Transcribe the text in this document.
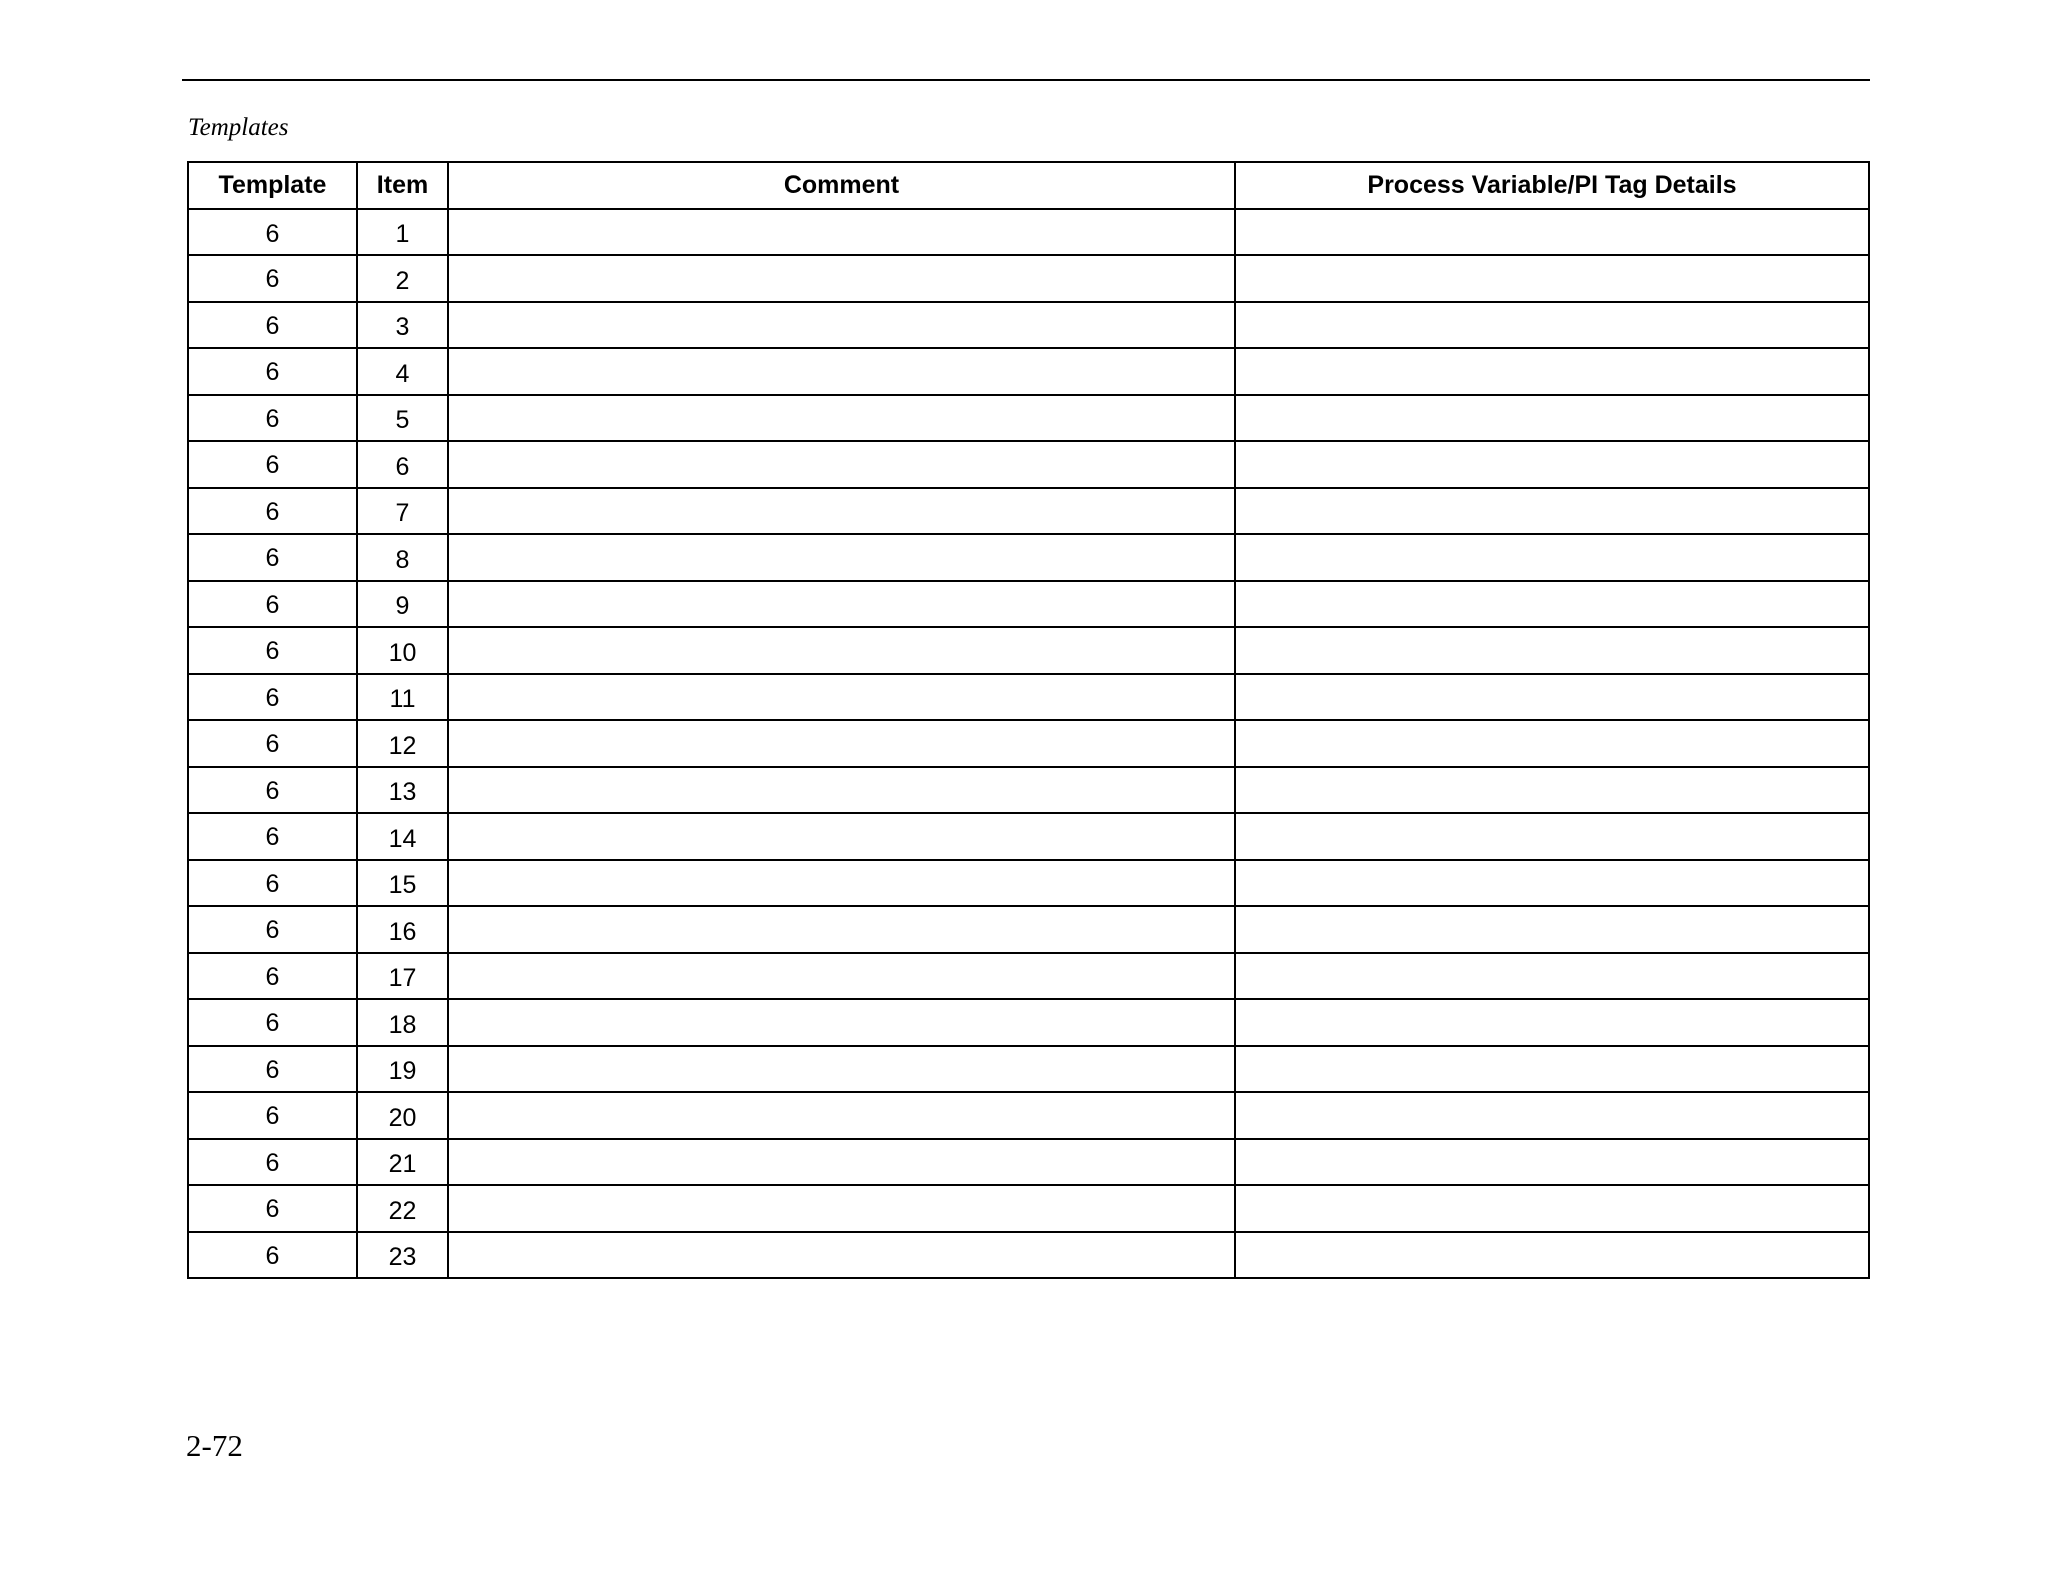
Templates
Template	Item	Comment	Process Variable/PI Tag Details
6	1		
6	2		
6	3		
6	4		
6	5		
6	6		
6	7		
6	8		
6	9		
6	10		
6	11		
6	12		
6	13		
6	14		
6	15		
6	16		
6	17		
6	18		
6	19		
6	20		
6	21		
6	22		
6	23		
2-72
